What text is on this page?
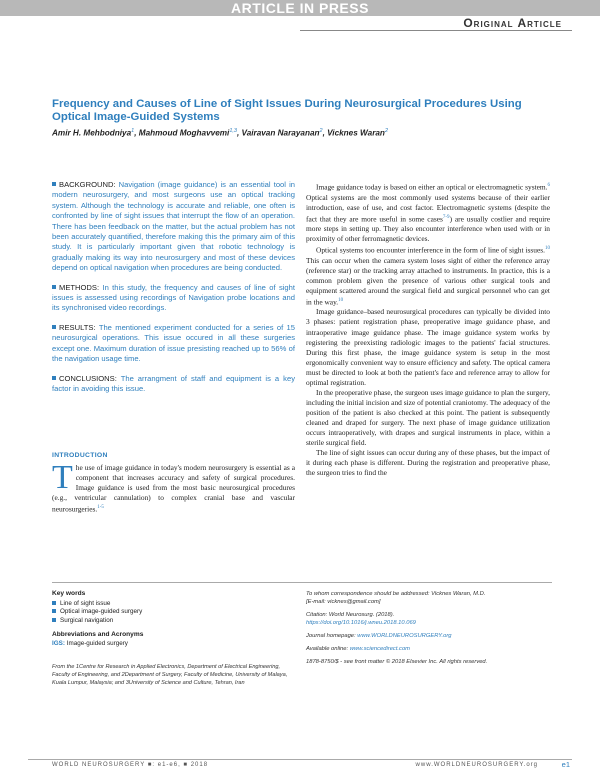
ARTICLE IN PRESS
Original Article
Frequency and Causes of Line of Sight Issues During Neurosurgical Procedures Using Optical Image-Guided Systems
Amir H. Mehbodniya$^1$, Mahmoud Moghavvemi$^{1,3}$, Vairavan Narayanan$^2$, Vicknes Waran$^2$

BACKGROUND: Navigation (image guidance) is an essential tool in modern neurosurgery, and most surgeons use an optical tracking system. Although the technology is accurate and reliable, one often is confronted by line of sight issues that interrupt the flow of an operation. There has been feedback on the matter, but the actual problem has not been accurately quantified, therefore making this the primary aim of this study. It is particularly important given that robotic technology is gradually making its way into neurosurgery and most of these devices depend on optical navigation when procedures are being conducted.

METHODS: In this study, the frequency and causes of line of sight issues is assessed using recordings of Navigation probe locations and its synchronised video recordings.

RESULTS: The mentioned experiment conducted for a series of 15 neurosurgical operations. This issue occured in all these surgeries except one. Maximum duration of issue presisting reached up to 56% of the navigation usage time.

CONCLUSIONS: The arrangment of staff and equipment is a key factor in avoiding this issue.

INTRODUCTION
The use of image guidance in today's modern neurosurgery is essential as a component that increases accuracy and safety of surgical procedures. Image guidance is used from the most basic neurosurgical procedures (e.g., ventricular cannulation) to complex cranial base and vascular neurosurgeries.$^{1-5}$

Image guidance today is based on either an optical or electromagnetic system.$^6$ Optical systems are the most commonly used systems because of their earlier introduction, ease of use, and cost factor. Electromagnetic systems (despite the fact that they are more useful in some cases$^{7-9}$) are usually costlier and require more steps in setting up. They also encounter interference when used with or in proximity of other ferromagnetic devices.

Optical systems too encounter interference in the form of line of sight issues.$^{10}$ This can occur when the camera system loses sight of either the reference array (reference star) or the tracking array attached to instruments. In practice, this is a common problem given the presence of various other surgical tools and equipment scattered around the surgical field and surgical personnel who can get in the way.$^{10}$

Image guidance–based neurosurgical procedures can typically be divided into 3 phases: patient registration phase, preoperative image guidance phase, and intraoperative image guidance phase. The image guidance system works by registering the preexisting radiologic images to the patients' facial structures. During this first phase, the image guidance system is setup in the most ergonomically convenient way to ensure efficiency and safety. The optical camera must be directed to look at both the patient's face and reference array to allow for optimal registration.

In the preoperative phase, the surgeon uses image guidance to plan the surgery, including the initial incision and size of potential craniotomy. The adequacy of the position of the patient is also checked at this point. The patient is subsequently cleaned and draped for surgery. The next phase of image guidance utilization occurs intraoperatively, with drapes and surgical instruments in place, within a sterile surgical field.

The line of sight issues can occur during any of these phases, but the impact of it during each phase is different. During the registration and preoperative phase, the surgeon tries to find the

Key words
Line of sight issue
Optical image-guided surgery
Surgical navigation
Abbreviations and Acronyms
IGS: Image-guided surgery
From the 1Centre for Research in Applied Electronics, Department of Electrical Engineering, Faculty of Engineering, and 2Department of Surgery, Faculty of Medicine, University of Malaya, Kuala Lumpur, Malaysia; and 3University of Science and Culture, Tehran, Iran
To whom correspondence should be addressed: Vicknes Waran, M.D.
[E-mail: vicknes@gmail.com]
Citation: World Neurosurg. (2018).
https://doi.org/10.1016/j.wneu.2018.10.069
Journal homepage: www.WORLDNEUROSURGERY.org
Available online: www.sciencedirect.com
1878-8750/$ - see front matter © 2018 Elsevier Inc. All rights reserved.
WORLD NEUROSURGERY ■: e1-e6, ■ 2018	www.WORLDNEUROSURGERY.org	e1
